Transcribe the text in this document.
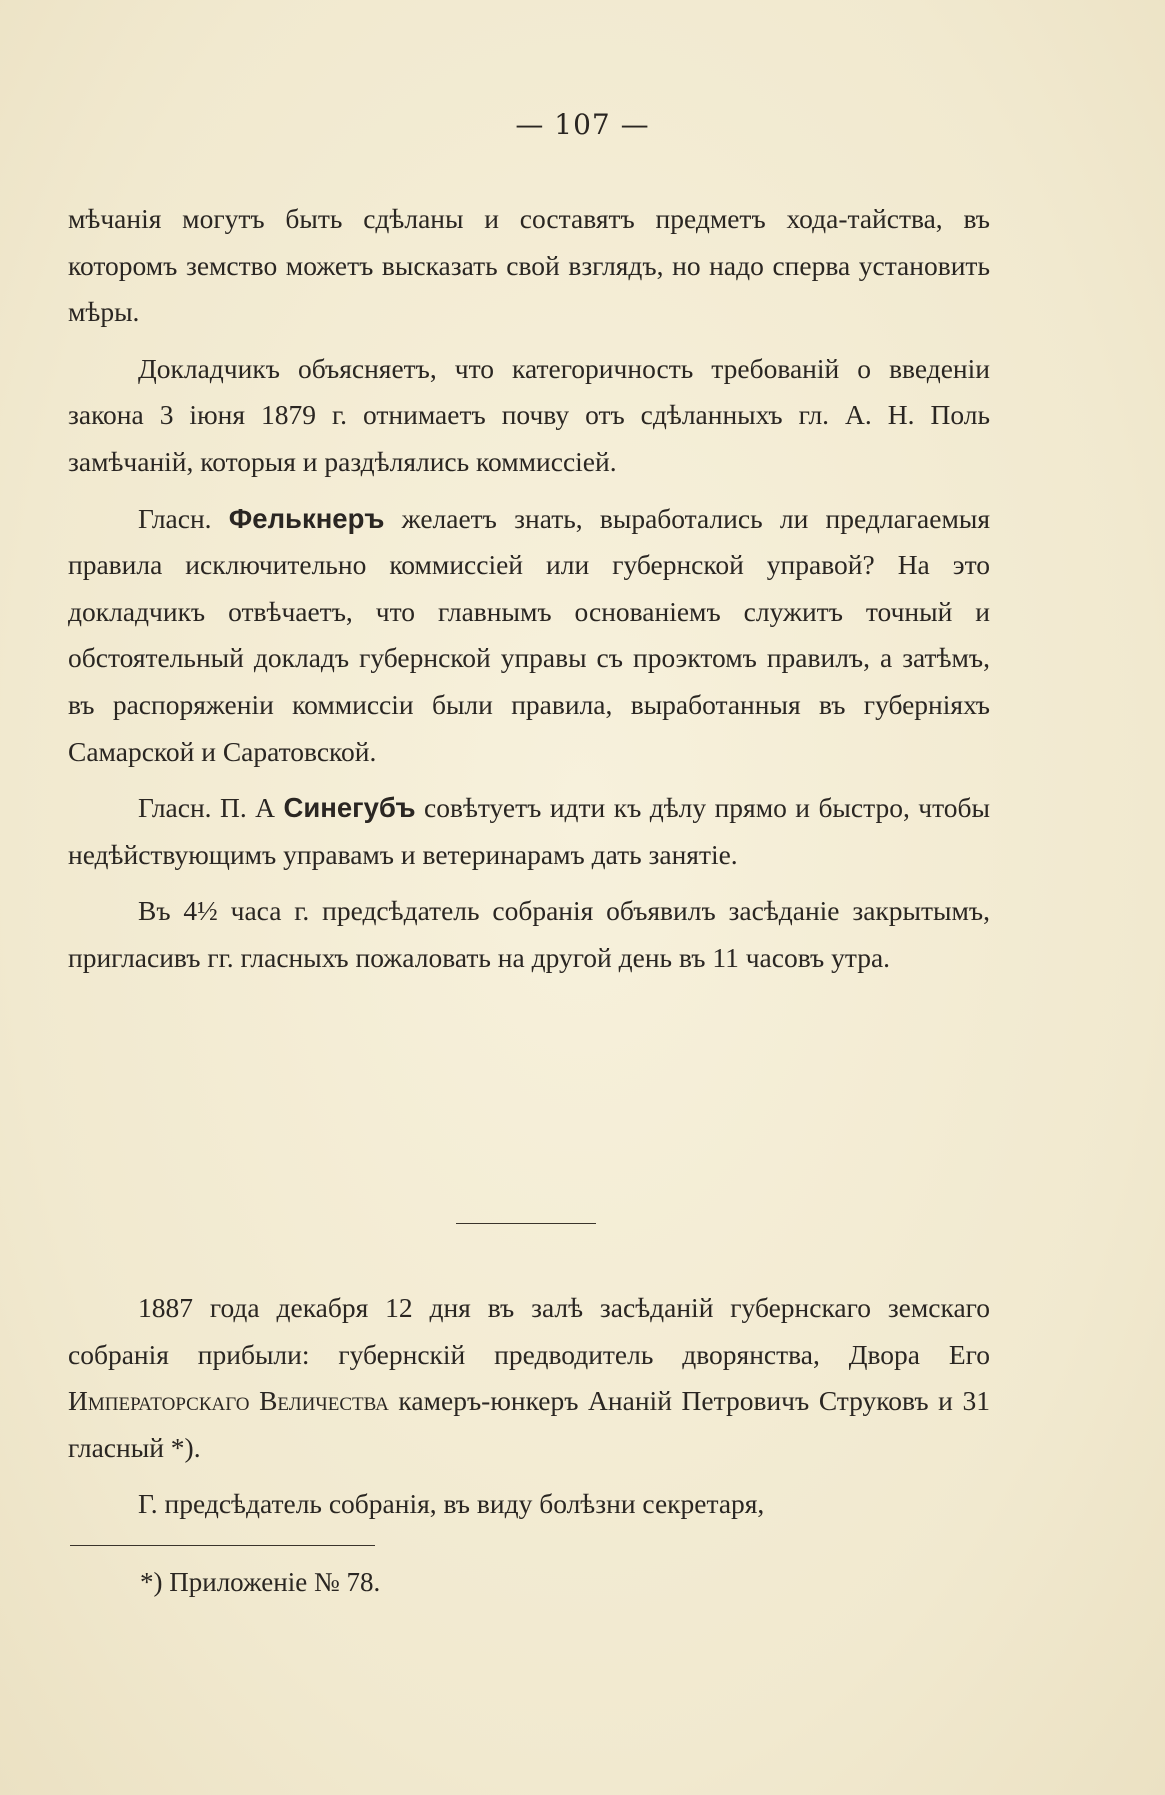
— 107 —

мѣчанія могутъ быть сдѣланы и составятъ предметъ хода-тайства, въ которомъ земство можетъ высказать свой взглядъ, но надо сперва установить мѣры.

Докладчикъ объясняетъ, что категоричность требованій о введеніи закона 3 іюня 1879 г. отнимаетъ почву отъ сдѣланныхъ гл. А. Н. Поль замѣчаній, которыя и раздѣлялись коммиссіей.

Гласн. Фелькнеръ желаетъ знать, выработались ли предлагаемыя правила исключительно коммиссіей или губернской управой? На это докладчикъ отвѣчаетъ, что главнымъ основаніемъ служитъ точный и обстоятельный докладъ губернской управы съ проэктомъ правилъ, а затѣмъ, въ распоряженіи коммиссіи были правила, выработанныя въ губерніяхъ Самарской и Саратовской.

Гласн. П. А Синегубъ совѣтуетъ идти къ дѣлу прямо и быстро, чтобы недѣйствующимъ управамъ и ветеринарамъ дать занятіе.

Въ 4½ часа г. предсѣдатель собранія объявилъ засѣданіе закрытымъ, пригласивъ гг. гласныхъ пожаловать на другой день въ 11 часовъ утра.

1887 года декабря 12 дня въ залѣ засѣданій губернскаго земскаго собранія прибыли: губернскій предводитель дворянства, Двора Его Императорскаго Величества камеръ-юнкеръ Ананій Петровичъ Струковъ и 31 гласный *).

Г. предсѣдатель собранія, въ виду болѣзни секретаря,

*) Приложеніе № 78.
